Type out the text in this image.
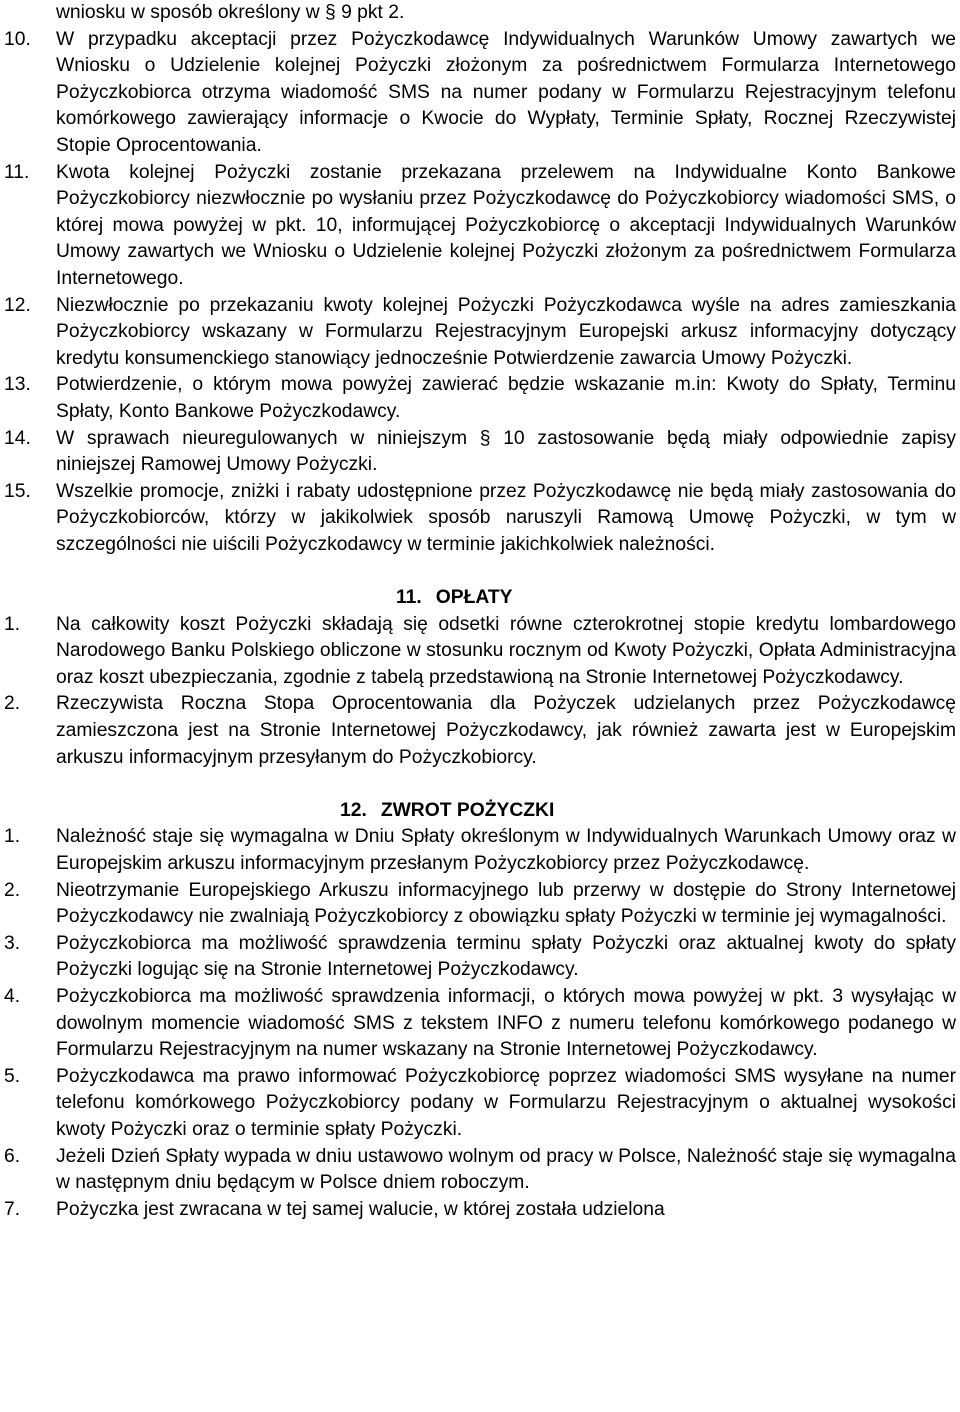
wniosku w sposób określony w § 9 pkt 2.
10. W przypadku akceptacji przez Pożyczkodawcę Indywidualnych Warunków Umowy zawartych we Wniosku o Udzielenie kolejnej Pożyczki złożonym za pośrednictwem Formularza Internetowego Pożyczkobiorca otrzyma wiadomość SMS na numer podany w Formularzu Rejestracyjnym telefonu komórkowego zawierający informacje o Kwocie do Wypłaty, Terminie Spłaty, Rocznej Rzeczywistej Stopie Oprocentowania.
11. Kwota kolejnej Pożyczki zostanie przekazana przelewem na Indywidualne Konto Bankowe Pożyczkobiorcy niezwłocznie po wysłaniu przez Pożyczkodawcę do Pożyczkobiorcy wiadomości SMS, o której mowa powyżej w pkt. 10, informującej Pożyczkobiorcę o akceptacji Indywidualnych Warunków Umowy zawartych we Wniosku o Udzielenie kolejnej Pożyczki złożonym za pośrednictwem Formularza Internetowego.
12. Niezwłocznie po przekazaniu kwoty kolejnej Pożyczki Pożyczkodawca wyśle na adres zamieszkania Pożyczkobiorcy wskazany w Formularzu Rejestracyjnym Europejski arkusz informacyjny dotyczący kredytu konsumenckiego stanowiący jednocześnie Potwierdzenie zawarcia Umowy Pożyczki.
13. Potwierdzenie, o którym mowa powyżej zawierać będzie wskazanie m.in: Kwoty do Spłaty, Terminu Spłaty, Konto Bankowe Pożyczkodawcy.
14. W sprawach nieuregulowanych w niniejszym § 10 zastosowanie będą miały odpowiednie zapisy niniejszej Ramowej Umowy Pożyczki.
15. Wszelkie promocje, zniżki i rabaty udostępnione przez Pożyczkodawcę nie będą miały zastosowania do Pożyczkobiorców, którzy w jakikolwiek sposób naruszyli Ramową Umowę Pożyczki, w tym w szczególności nie uiścili Pożyczkodawcy w terminie jakichkolwiek należności.
11. OPŁATY
1. Na całkowity koszt Pożyczki składają się odsetki równe czterokrotnej stopie kredytu lombardowego Narodowego Banku Polskiego obliczone w stosunku rocznym od Kwoty Pożyczki, Opłata Administracyjna oraz koszt ubezpieczania, zgodnie z tabelą przedstawioną na Stronie Internetowej Pożyczkodawcy.
2. Rzeczywista Roczna Stopa Oprocentowania dla Pożyczek udzielanych przez Pożyczkodawcę zamieszczona jest na Stronie Internetowej Pożyczkodawcy, jak również zawarta jest w Europejskim arkuszu informacyjnym przesyłanym do Pożyczkobiorcy.
12. ZWROT POŻYCZKI
1. Należność staje się wymagalna w Dniu Spłaty określonym w Indywidualnych Warunkach Umowy oraz w Europejskim arkuszu informacyjnym przesłanym Pożyczkobiorcy przez Pożyczkodawcę.
2. Nieotrzymanie Europejskiego Arkuszu informacyjnego lub przerwy w dostępie do Strony Internetowej Pożyczkodawcy nie zwalniają Pożyczkobiorcy z obowiązku spłaty Pożyczki w terminie jej wymagalności.
3. Pożyczkobiorca ma możliwość sprawdzenia terminu spłaty Pożyczki oraz aktualnej kwoty do spłaty Pożyczki logując się na Stronie Internetowej Pożyczkodawcy.
4. Pożyczkobiorca ma możliwość sprawdzenia informacji, o których mowa powyżej w pkt. 3 wysyłając w dowolnym momencie wiadomość SMS z tekstem INFO z numeru telefonu komórkowego podanego w Formularzu Rejestracyjnym na numer wskazany na Stronie Internetowej Pożyczkodawcy.
5. Pożyczkodawca ma prawo informować Pożyczkobiorcę poprzez wiadomości SMS wysyłane na numer telefonu komórkowego Pożyczkobiorcy podany w Formularzu Rejestracyjnym o aktualnej wysokości kwoty Pożyczki oraz o terminie spłaty Pożyczki.
6. Jeżeli Dzień Spłaty wypada w dniu ustawowo wolnym od pracy w Polsce, Należność staje się wymagalna w następnym dniu będącym w Polsce dniem roboczym.
7. Pożyczka jest zwracana w tej samej walucie, w której została udzielona
